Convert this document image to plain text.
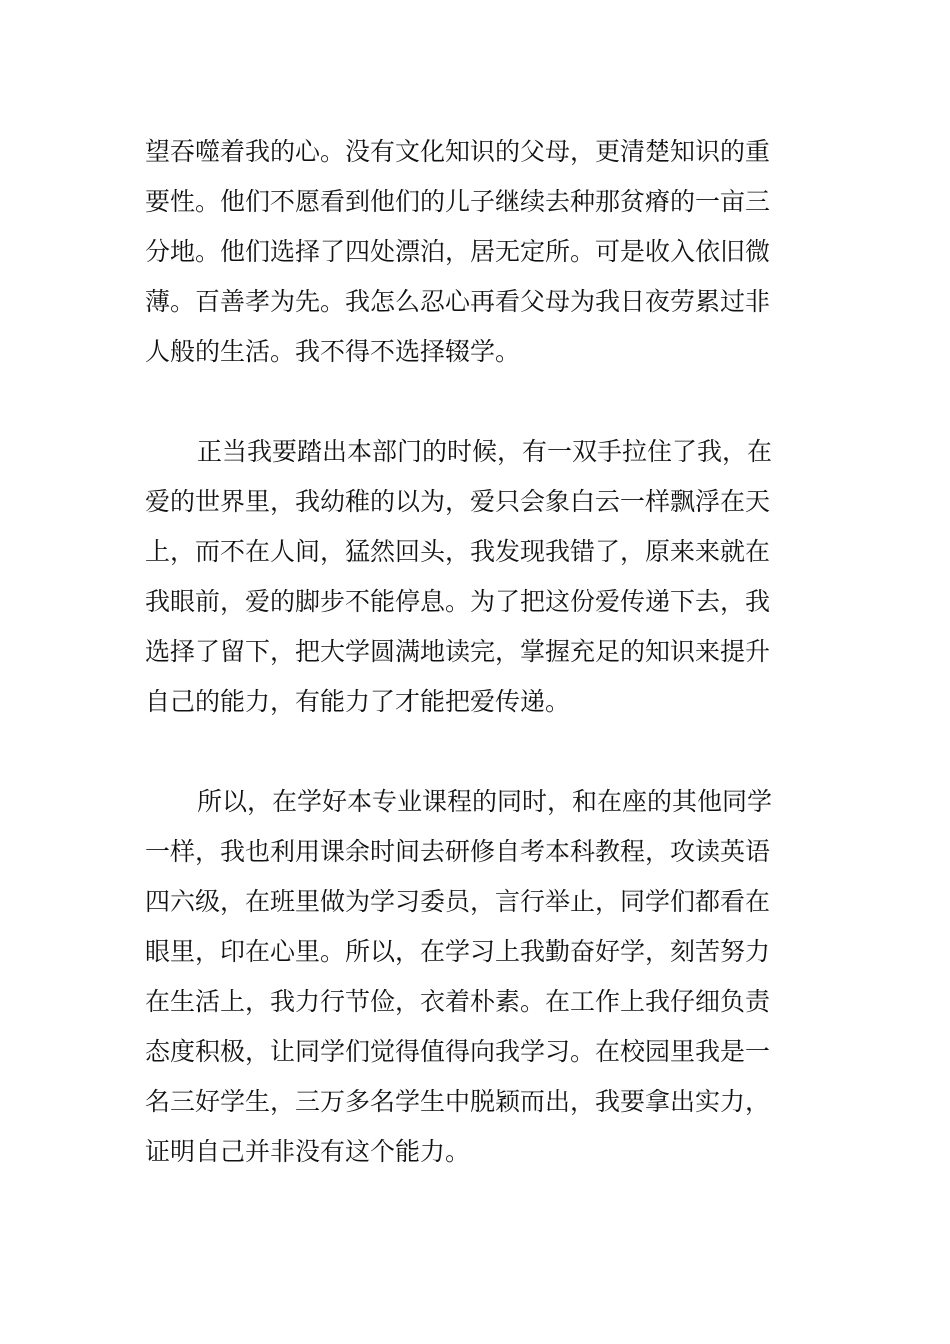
望吞噬着我的心。没有文化知识的父母，更清楚知识的重
要性。他们不愿看到他们的儿子继续去种那贫瘠的一亩三
分地。他们选择了四处漂泊，居无定所。可是收入依旧微
薄。百善孝为先。我怎么忍心再看父母为我日夜劳累过非
人般的生活。我不得不选择辍学。

正当我要踏出本部门的时候，有一双手拉住了我，在
爱的世界里，我幼稚的以为，爱只会象白云一样飘浮在天
上，而不在人间，猛然回头，我发现我错了，原来来就在
我眼前，爱的脚步不能停息。为了把这份爱传递下去，我
选择了留下，把大学圆满地读完，掌握充足的知识来提升
自己的能力，有能力了才能把爱传递。

所以，在学好本专业课程的同时，和在座的其他同学
一样，我也利用课余时间去研修自考本科教程，攻读英语
四六级，在班里做为学习委员，言行举止，同学们都看在
眼里，印在心里。所以，在学习上我勤奋好学，刻苦努力
在生活上，我力行节俭，衣着朴素。在工作上我仔细负责
态度积极，让同学们觉得值得向我学习。在校园里我是一
名三好学生，三万多名学生中脱颖而出，我要拿出实力，
证明自己并非没有这个能力。
